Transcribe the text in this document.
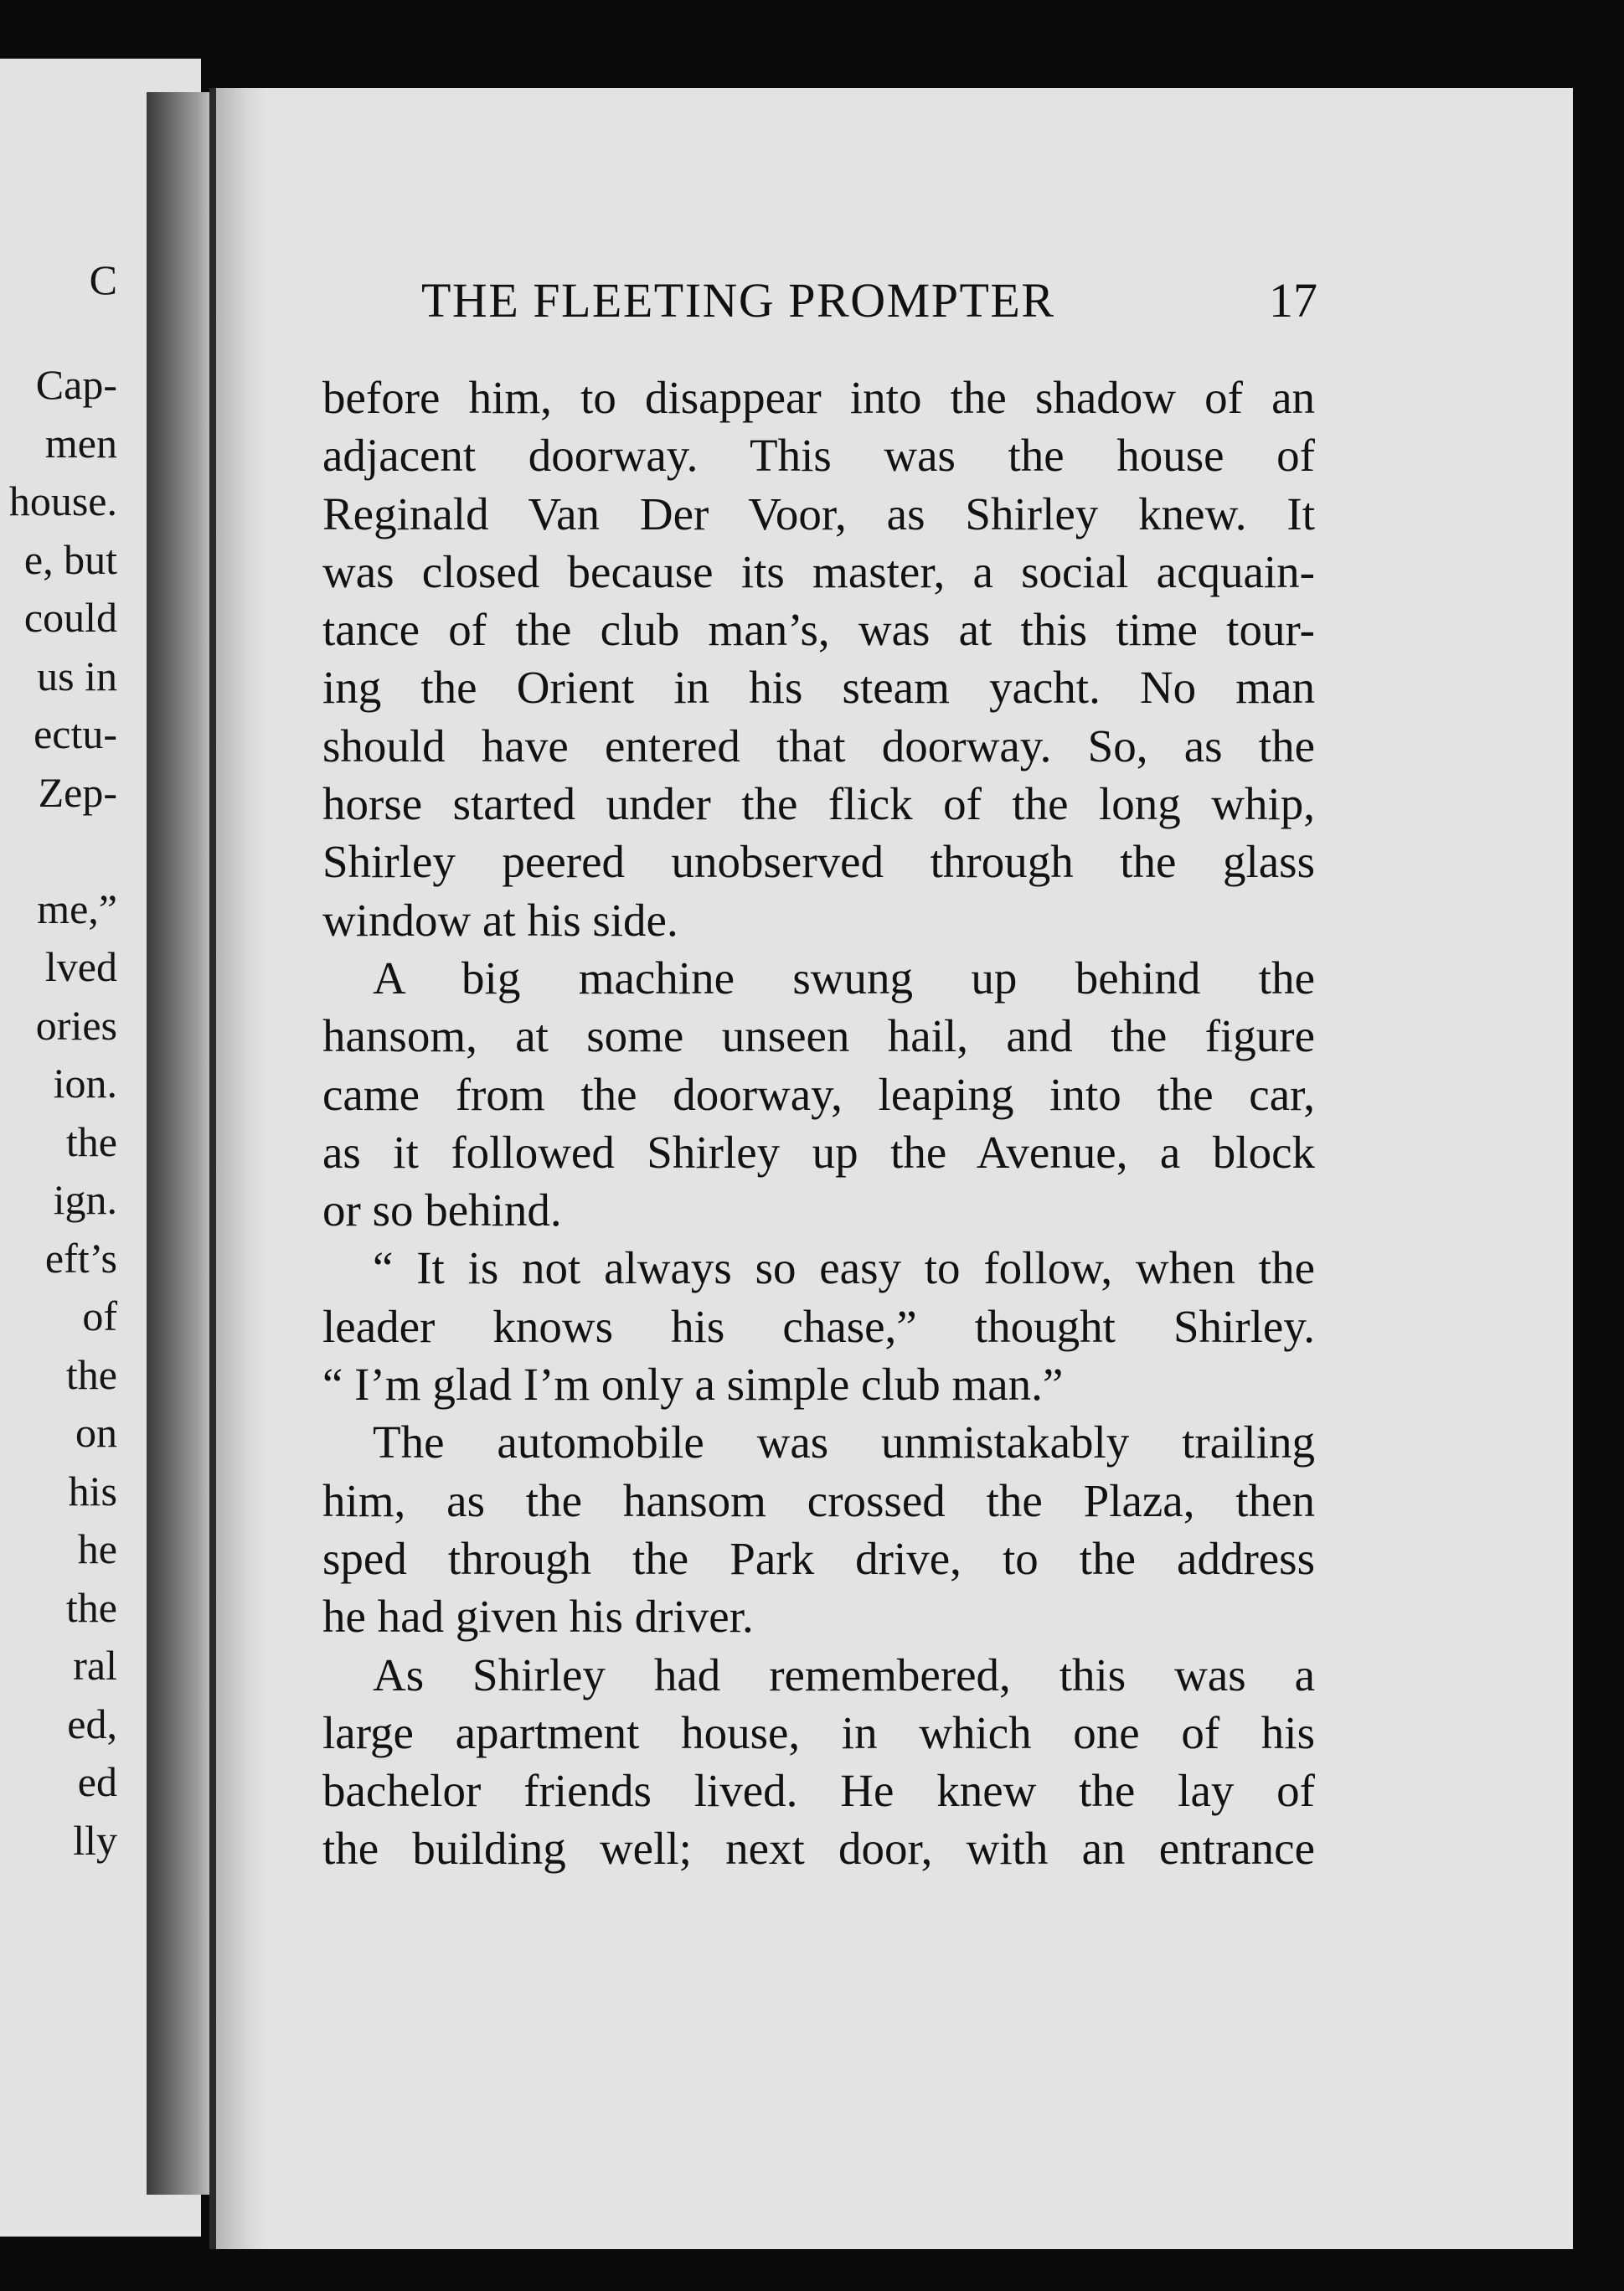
C
Cap-
men
house.
e, but
could
us in
ectu-
Zep-
me,”
lved
ories
ion.
the
ign.
eft’s
of
the
on
his
he
the
ral
ed,
ed
lly
THE FLEETING PROMPTER	17
before him, to disappear into the shadow of an
adjacent doorway. This was the house of
Reginald Van Der Voor, as Shirley knew. It
was closed because its master, a social acquain-
tance of the club man’s, was at this time tour-
ing the Orient in his steam yacht. No man
should have entered that doorway. So, as the
horse started under the flick of the long whip,
Shirley peered unobserved through the glass
window at his side.
A big machine swung up behind the
hansom, at some unseen hail, and the figure
came from the doorway, leaping into the car,
as it followed Shirley up the Avenue, a block
or so behind.
“ It is not always so easy to follow, when the
leader knows his chase,” thought Shirley.
“ I’m glad I’m only a simple club man.”
The automobile was unmistakably trailing
him, as the hansom crossed the Plaza, then
sped through the Park drive, to the address
he had given his driver.
As Shirley had remembered, this was a
large apartment house, in which one of his
bachelor friends lived. He knew the lay of
the building well; next door, with an entrance
